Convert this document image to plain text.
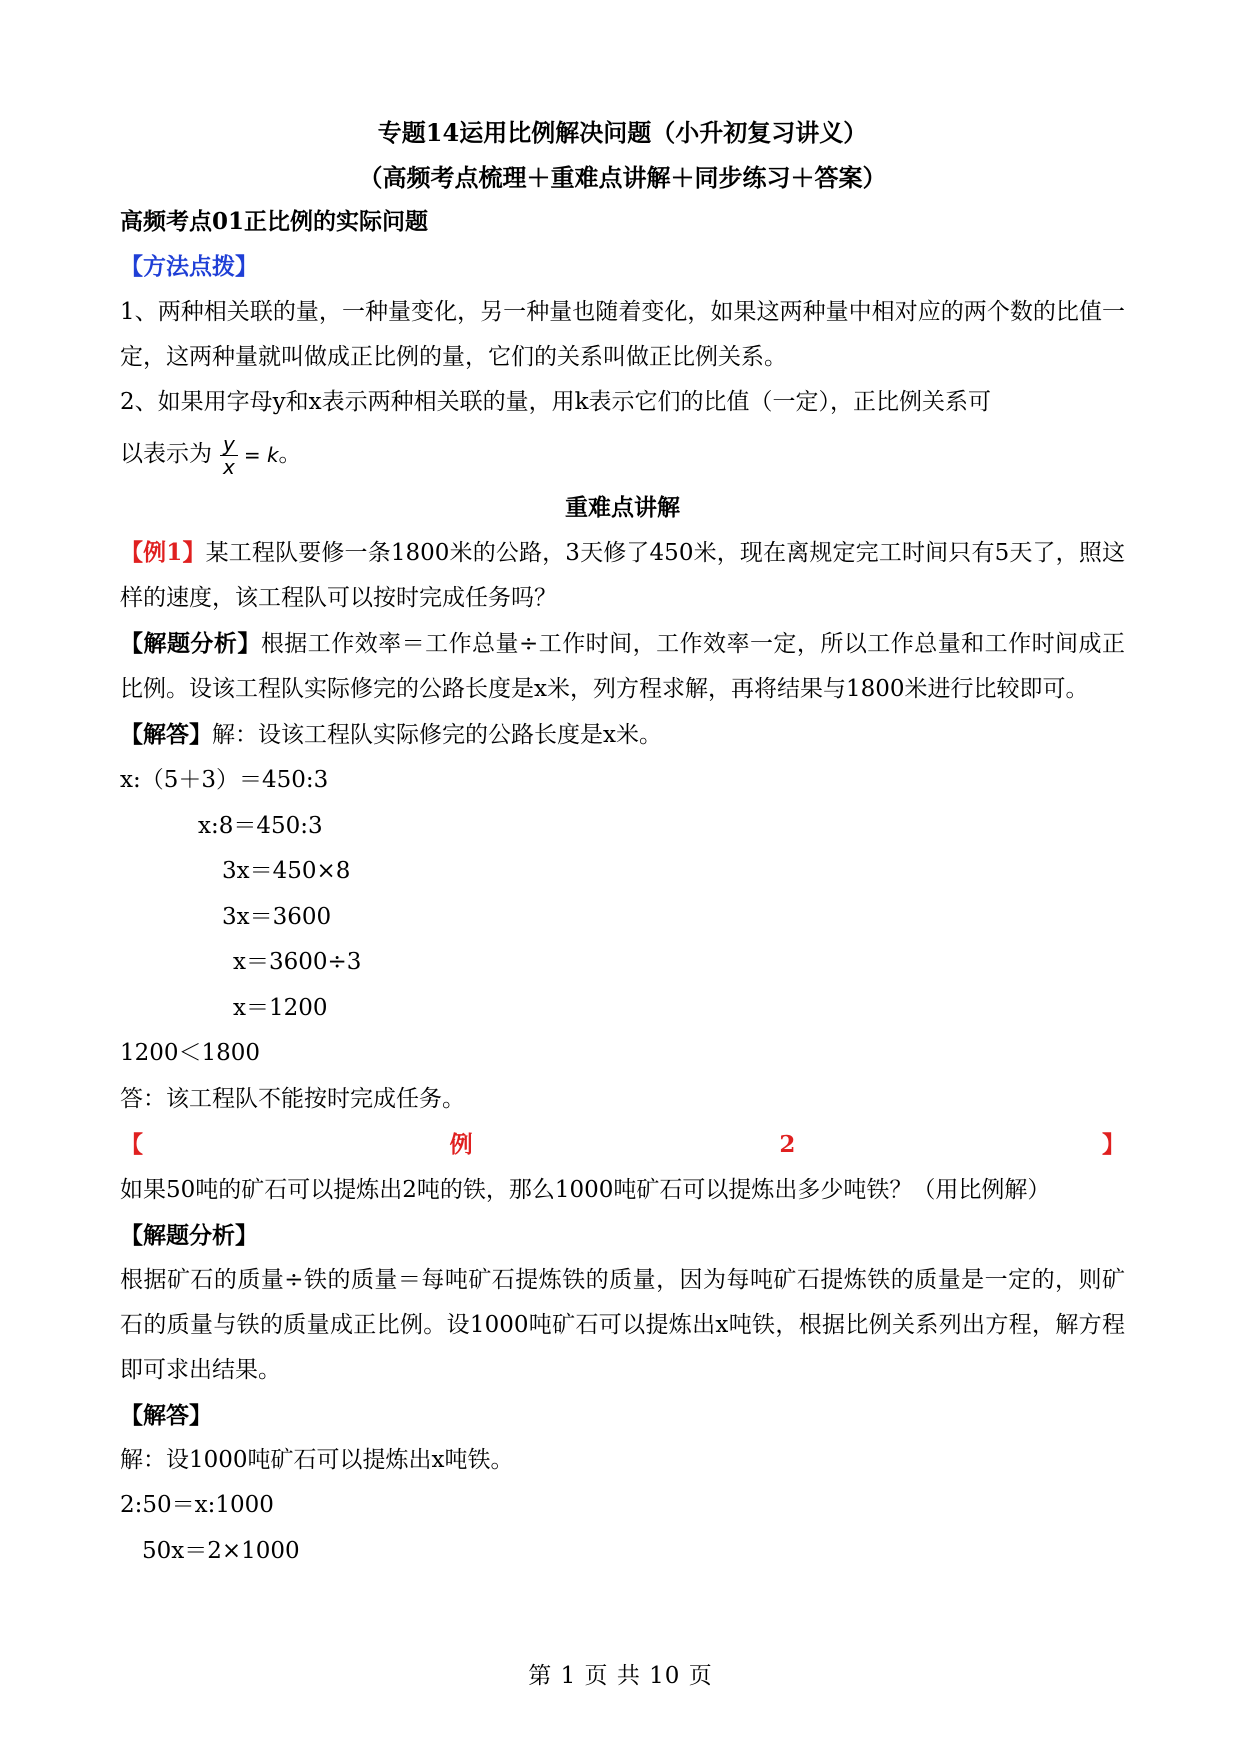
专题14运用比例解决问题（小升初复习讲义）
（高频考点梳理＋重难点讲解＋同步练习＋答案）
高频考点01正比例的实际问题

【方法点拨】

1、两种相关联的量，一种量变化，另一种量也随着变化，如果这两种量中相对应的两个数的比值一定，这两种量就叫做成正比例的量，它们的关系叫做正比例关系。

2、如果用字母y和x表示两种相关联的量，用k表示它们的比值（一定），正比例关系可

以表示为 $\frac{y}{x} = k$ 。

重难点讲解

【例1】某工程队要修一条1800米的公路，3天修了450米，现在离规定完工时间只有5天了，照这样的速度，该工程队可以按时完成任务吗？

【解题分析】根据工作效率＝工作总量÷工作时间，工作效率一定，所以工作总量和工作时间成正比例。设该工程队实际修完的公路长度是x米，列方程求解，再将结果与1800米进行比较即可。

【解答】解：设该工程队实际修完的公路长度是x米。

x:（5＋3）＝450:3
x:8＝450:3
3x＝450×8
3x＝3600
x＝3600÷3
x＝1200
1200＜1800
答：该工程队不能按时完成任务。

【例2】如果50吨的矿石可以提炼出2吨的铁，那么1000吨矿石可以提炼出多少吨铁？（用比例解）

【解题分析】

根据矿石的质量÷铁的质量＝每吨矿石提炼铁的质量，因为每吨矿石提炼铁的质量是一定的，则矿石的质量与铁的质量成正比例。设1000吨矿石可以提炼出x吨铁，根据比例关系列出方程，解方程即可求出结果。

【解答】

解：设1000吨矿石可以提炼出x吨铁。

2:50＝x:1000
50x＝2×1000
第 1 页 共 10 页
